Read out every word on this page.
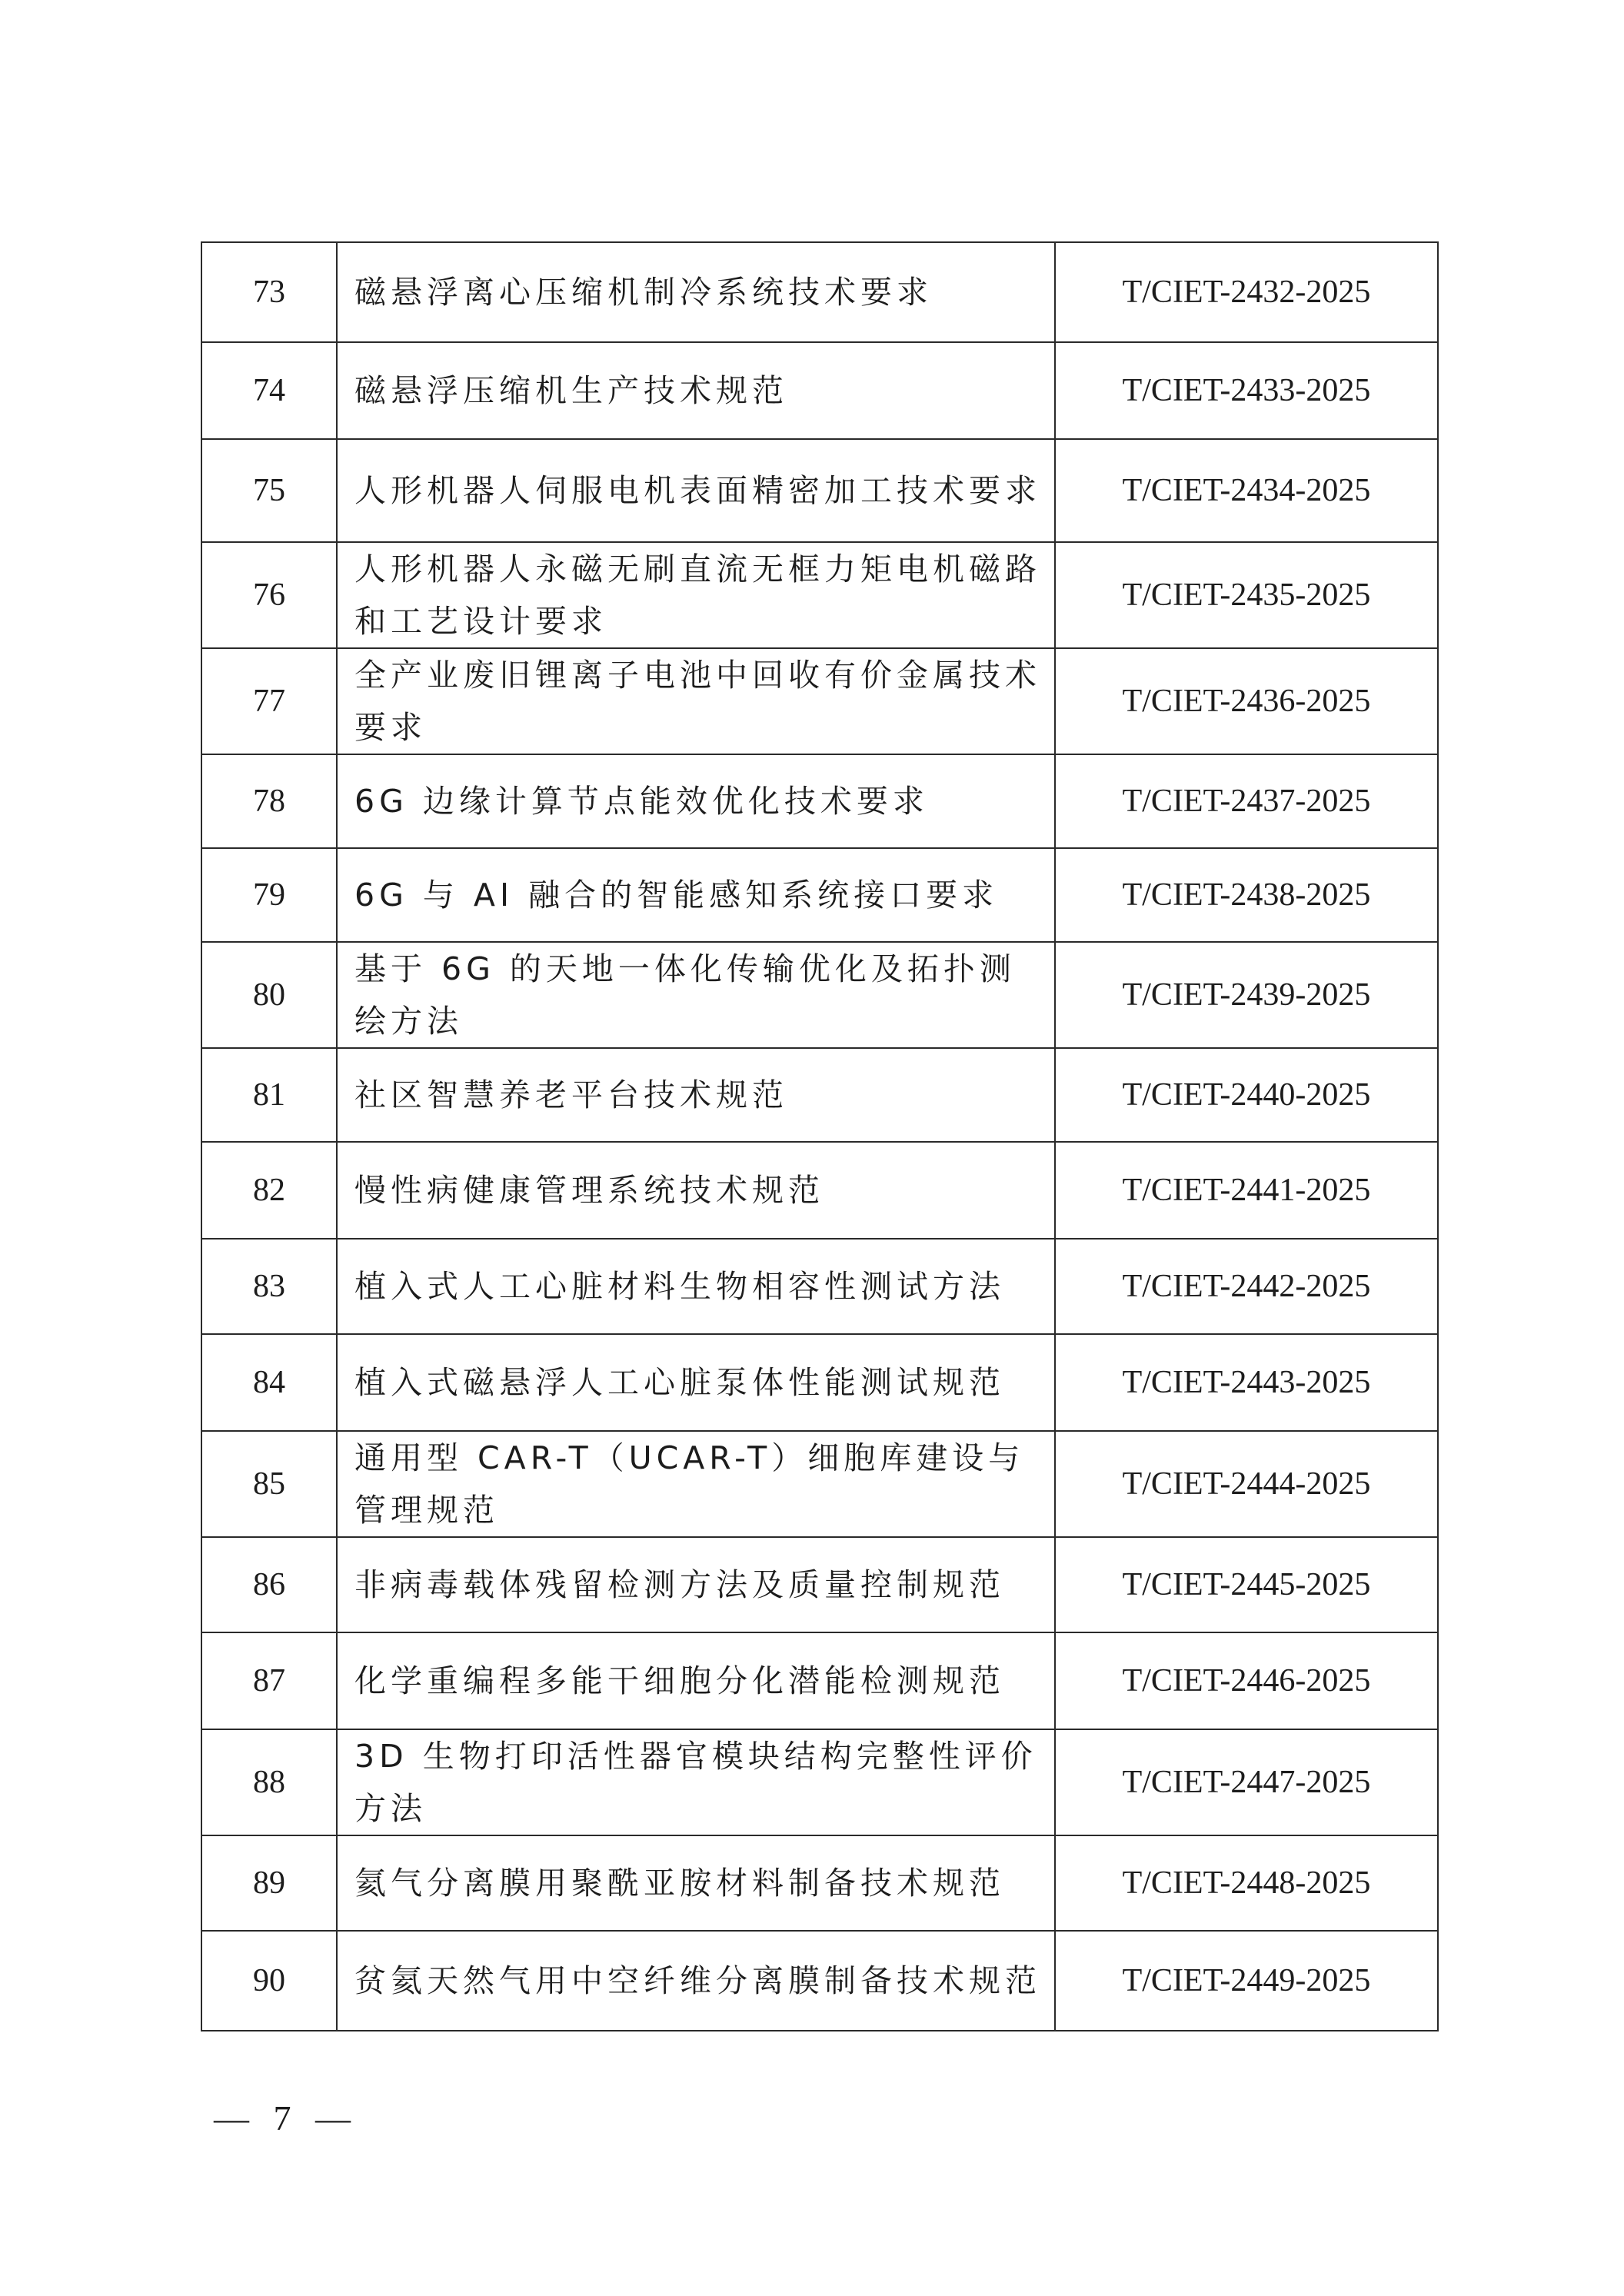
73	磁悬浮离心压缩机制冷系统技术要求	T/CIET-2432-2025
74	磁悬浮压缩机生产技术规范	T/CIET-2433-2025
75	人形机器人伺服电机表面精密加工技术要求	T/CIET-2434-2025
76	人形机器人永磁无刷直流无框力矩电机磁路和工艺设计要求	T/CIET-2435-2025
77	全产业废旧锂离子电池中回收有价金属技术要求	T/CIET-2436-2025
78	6G 边缘计算节点能效优化技术要求	T/CIET-2437-2025
79	6G 与 AI 融合的智能感知系统接口要求	T/CIET-2438-2025
80	基于 6G 的天地一体化传输优化及拓扑测绘方法	T/CIET-2439-2025
81	社区智慧养老平台技术规范	T/CIET-2440-2025
82	慢性病健康管理系统技术规范	T/CIET-2441-2025
83	植入式人工心脏材料生物相容性测试方法	T/CIET-2442-2025
84	植入式磁悬浮人工心脏泵体性能测试规范	T/CIET-2443-2025
85	通用型 CAR-T（UCAR-T）细胞库建设与管理规范	T/CIET-2444-2025
86	非病毒载体残留检测方法及质量控制规范	T/CIET-2445-2025
87	化学重编程多能干细胞分化潜能检测规范	T/CIET-2446-2025
88	3D 生物打印活性器官模块结构完整性评价方法	T/CIET-2447-2025
89	氦气分离膜用聚酰亚胺材料制备技术规范	T/CIET-2448-2025
90	贫氦天然气用中空纤维分离膜制备技术规范	T/CIET-2449-2025
— 7 —
